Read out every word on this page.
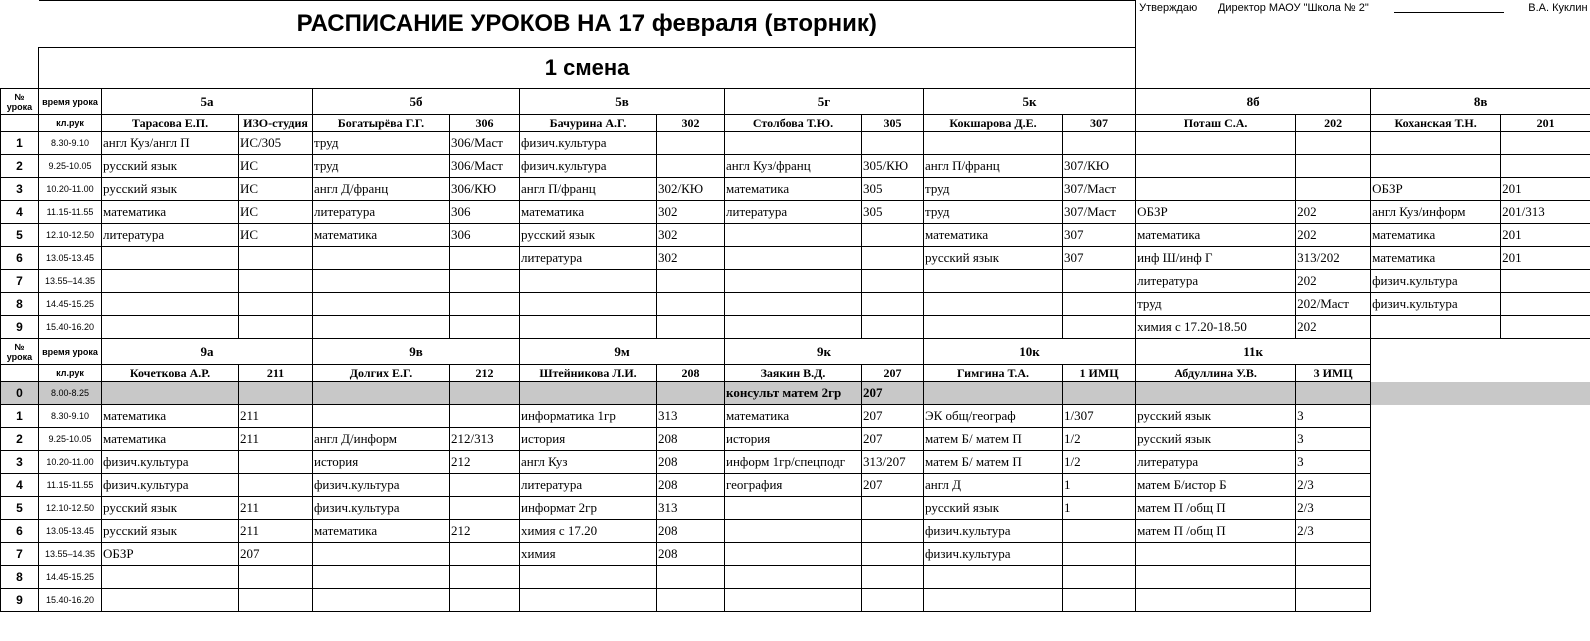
	РАСПИСАНИЕ УРОКОВ НА 17 февраля (вторник)											Утверждаю Директор МАОУ "Школа № 2" В.А. Куклин			

	1 смена														
№ урока	время урока	5а		5б		5в		5г		5к		8б		8в	
	кл.рук	Тарасова Е.П.	ИЗО-студия	Богатырёва Г.Г.	306	Бачурина А.Г.	302	Столбова Т.Ю.	305	Кокшарова Д.Е.	307	Поташ С.А.	202	Коханская Т.Н.	201
1	8.30-9.10	англ Куз/англ П	ИС/305	труд	306/Маст	физич.культура									
2	9.25-10.05	русский язык	ИС	труд	306/Маст	физич.культура		англ Куз/франц	305/КЮ	англ П/франц	307/КЮ				
3	10.20-11.00	русский язык	ИС	англ Д/франц	306/КЮ	англ П/франц	302/КЮ	математика	305	труд	307/Маст			ОБЗР	201
4	11.15-11.55	математика	ИС	литература	306	математика	302	литература	305	труд	307/Маст	ОБЗР	202	англ Куз/информ	201/313
5	12.10-12.50	литература	ИС	математика	306	русский язык	302			математика	307	математика	202	математика	201
6	13.05-13.45					литература	302			русский язык	307	инф Ш/инф Г	313/202	математика	201
7	13.55–14.35											литература	202	физич.культура	
8	14.45-15.25											труд	202/Маст	физич.культура	
9	15.40-16.20											химия с 17.20-18.50	202		
№ урока	время урока	9а		9в		9м		9к		10к		11к			
	кл.рук	Кочеткова А.Р.	211	Долгих Е.Г.	212	Штейникова Л.И.	208	Заякин В.Д.	207	Гимгина Т.А.	1 ИМЦ	Абдуллина У.В.	3 ИМЦ		
0	8.00-8.25							консульт матем 2гр	207						
1	8.30-9.10	математика	211			информатика 1гр	313	математика	207	ЭК общ/географ	1/307	русский язык	3		
2	9.25-10.05	математика	211	англ Д/информ	212/313	история	208	история	207	матем Б/ матем П	1/2	русский язык	3		
3	10.20-11.00	физич.культура		история	212	англ Куз	208	информ 1гр/спецподг	313/207	матем Б/ матем П	1/2	литература	3		
4	11.15-11.55	физич.культура		физич.культура		литература	208	география	207	англ Д	1	матем Б/истор Б	2/3		
5	12.10-12.50	русский язык	211	физич.культура		информат 2гр	313			русский язык	1	матем П /общ П	2/3		
6	13.05-13.45	русский язык	211	математика	212	химия с 17.20	208			физич.культура		матем П /общ П	2/3		
7	13.55–14.35	ОБЗР	207			химия	208			физич.культура					
8	14.45-15.25														
9	15.40-16.20														
